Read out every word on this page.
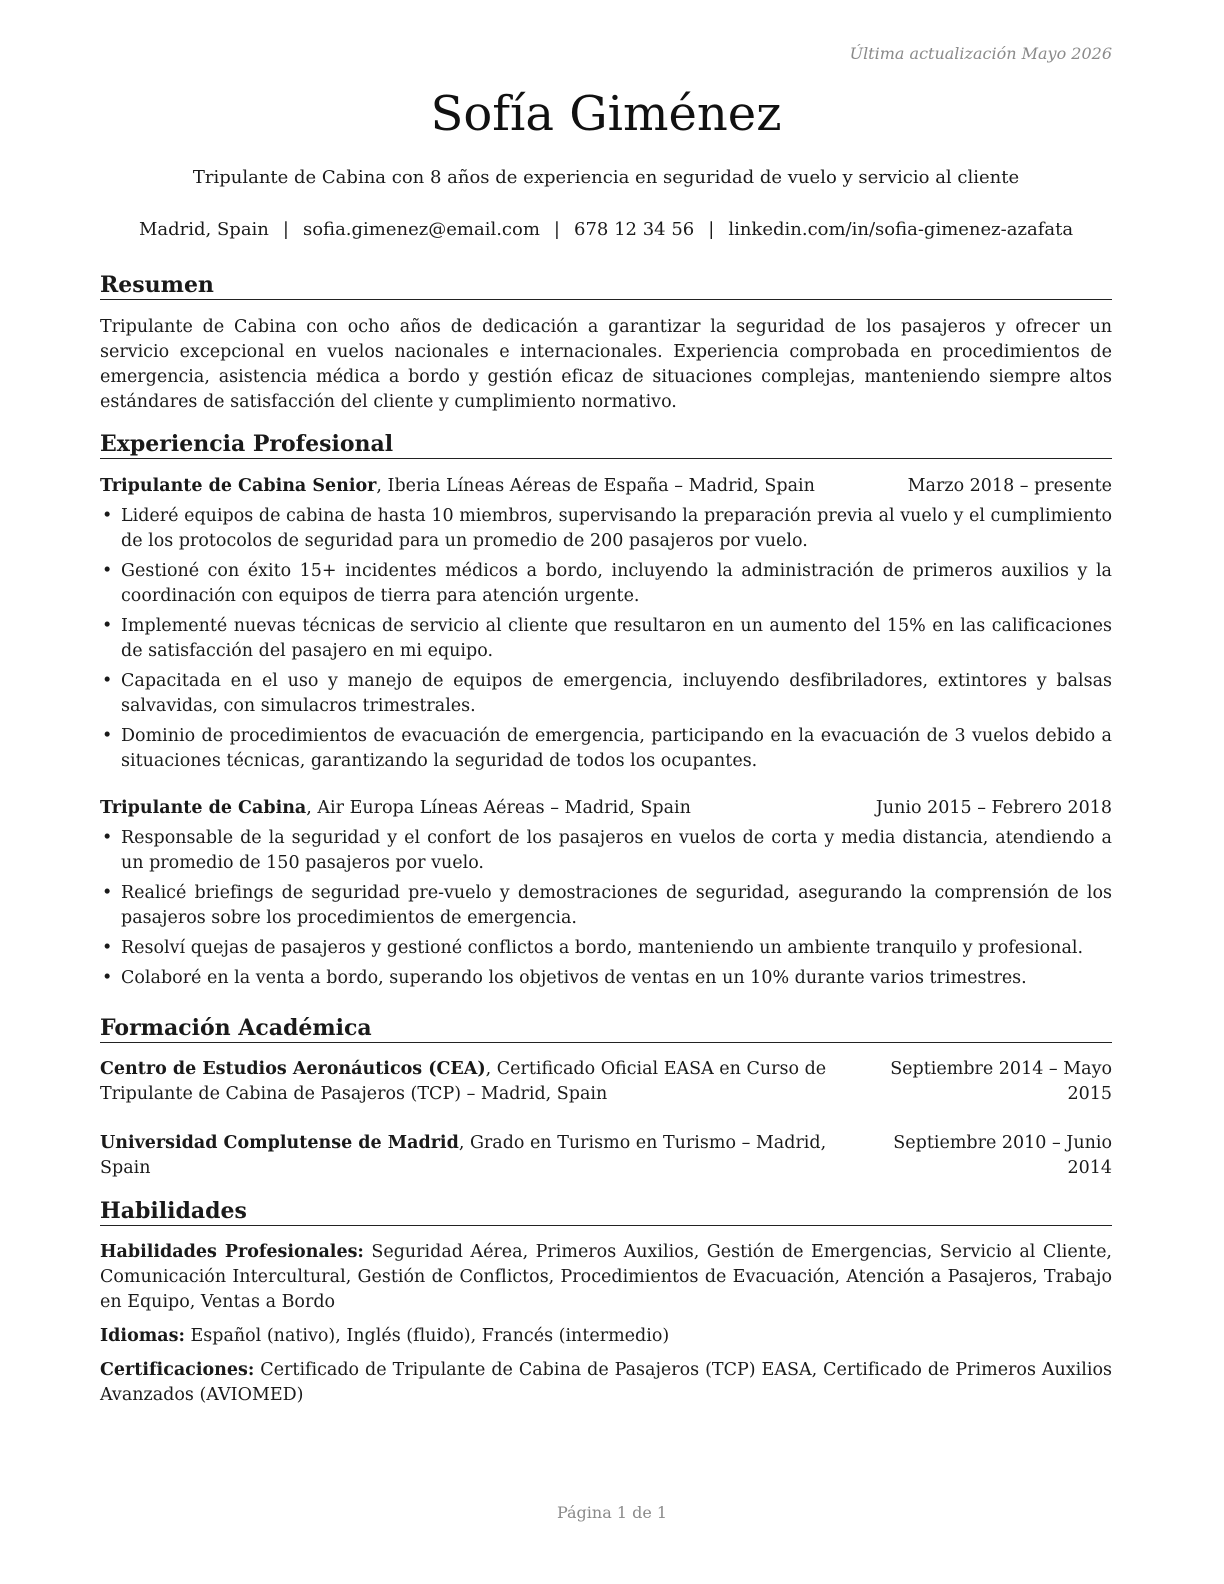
Última actualización Mayo 2026
Sofía Giménez
Tripulante de Cabina con 8 años de experiencia en seguridad de vuelo y servicio al cliente
Madrid, Spain | sofia.gimenez@email.com | 678 12 34 56 | linkedin.com/in/sofia-gimenez-azafata
Resumen
Tripulante de Cabina con ocho años de dedicación a garantizar la seguridad de los pasajeros y ofrecer un servicio excepcional en vuelos nacionales e internacionales. Experiencia comprobada en procedimientos de emergencia, asistencia médica a bordo y gestión eficaz de situaciones complejas, manteniendo siempre altos estándares de satisfacción del cliente y cumplimiento normativo.
Experiencia Profesional
Tripulante de Cabina Senior, Iberia Líneas Aéreas de España – Madrid, Spain	Marzo 2018 – presente
• Lideré equipos de cabina de hasta 10 miembros, supervisando la preparación previa al vuelo y el cumplimiento de los protocolos de seguridad para un promedio de 200 pasajeros por vuelo.
• Gestioné con éxito 15+ incidentes médicos a bordo, incluyendo la administración de primeros auxilios y la coordinación con equipos de tierra para atención urgente.
• Implementé nuevas técnicas de servicio al cliente que resultaron en un aumento del 15% en las calificaciones de satisfacción del pasajero en mi equipo.
• Capacitada en el uso y manejo de equipos de emergencia, incluyendo desfibriladores, extintores y balsas salvavidas, con simulacros trimestrales.
• Dominio de procedimientos de evacuación de emergencia, participando en la evacuación de 3 vuelos debido a situaciones técnicas, garantizando la seguridad de todos los ocupantes.
Tripulante de Cabina, Air Europa Líneas Aéreas – Madrid, Spain	Junio 2015 – Febrero 2018
• Responsable de la seguridad y el confort de los pasajeros en vuelos de corta y media distancia, atendiendo a un promedio de 150 pasajeros por vuelo.
• Realicé briefings de seguridad pre-vuelo y demostraciones de seguridad, asegurando la comprensión de los pasajeros sobre los procedimientos de emergencia.
• Resolví quejas de pasajeros y gestioné conflictos a bordo, manteniendo un ambiente tranquilo y profesional.
• Colaboré en la venta a bordo, superando los objetivos de ventas en un 10% durante varios trimestres.
Formación Académica
Centro de Estudios Aeronáuticos (CEA), Certificado Oficial EASA en Curso de Tripulante de Cabina de Pasajeros (TCP) – Madrid, Spain
Septiembre 2014 – Mayo 2015
Universidad Complutense de Madrid, Grado en Turismo en Turismo – Madrid, Spain
Septiembre 2010 – Junio 2014
Habilidades
Habilidades Profesionales: Seguridad Aérea, Primeros Auxilios, Gestión de Emergencias, Servicio al Cliente, Comunicación Intercultural, Gestión de Conflictos, Procedimientos de Evacuación, Atención a Pasajeros, Trabajo en Equipo, Ventas a Bordo
Idiomas: Español (nativo), Inglés (fluido), Francés (intermedio)
Certificaciones: Certificado de Tripulante de Cabina de Pasajeros (TCP) EASA, Certificado de Primeros Auxilios Avanzados (AVIOMED)
Página 1 de 1
